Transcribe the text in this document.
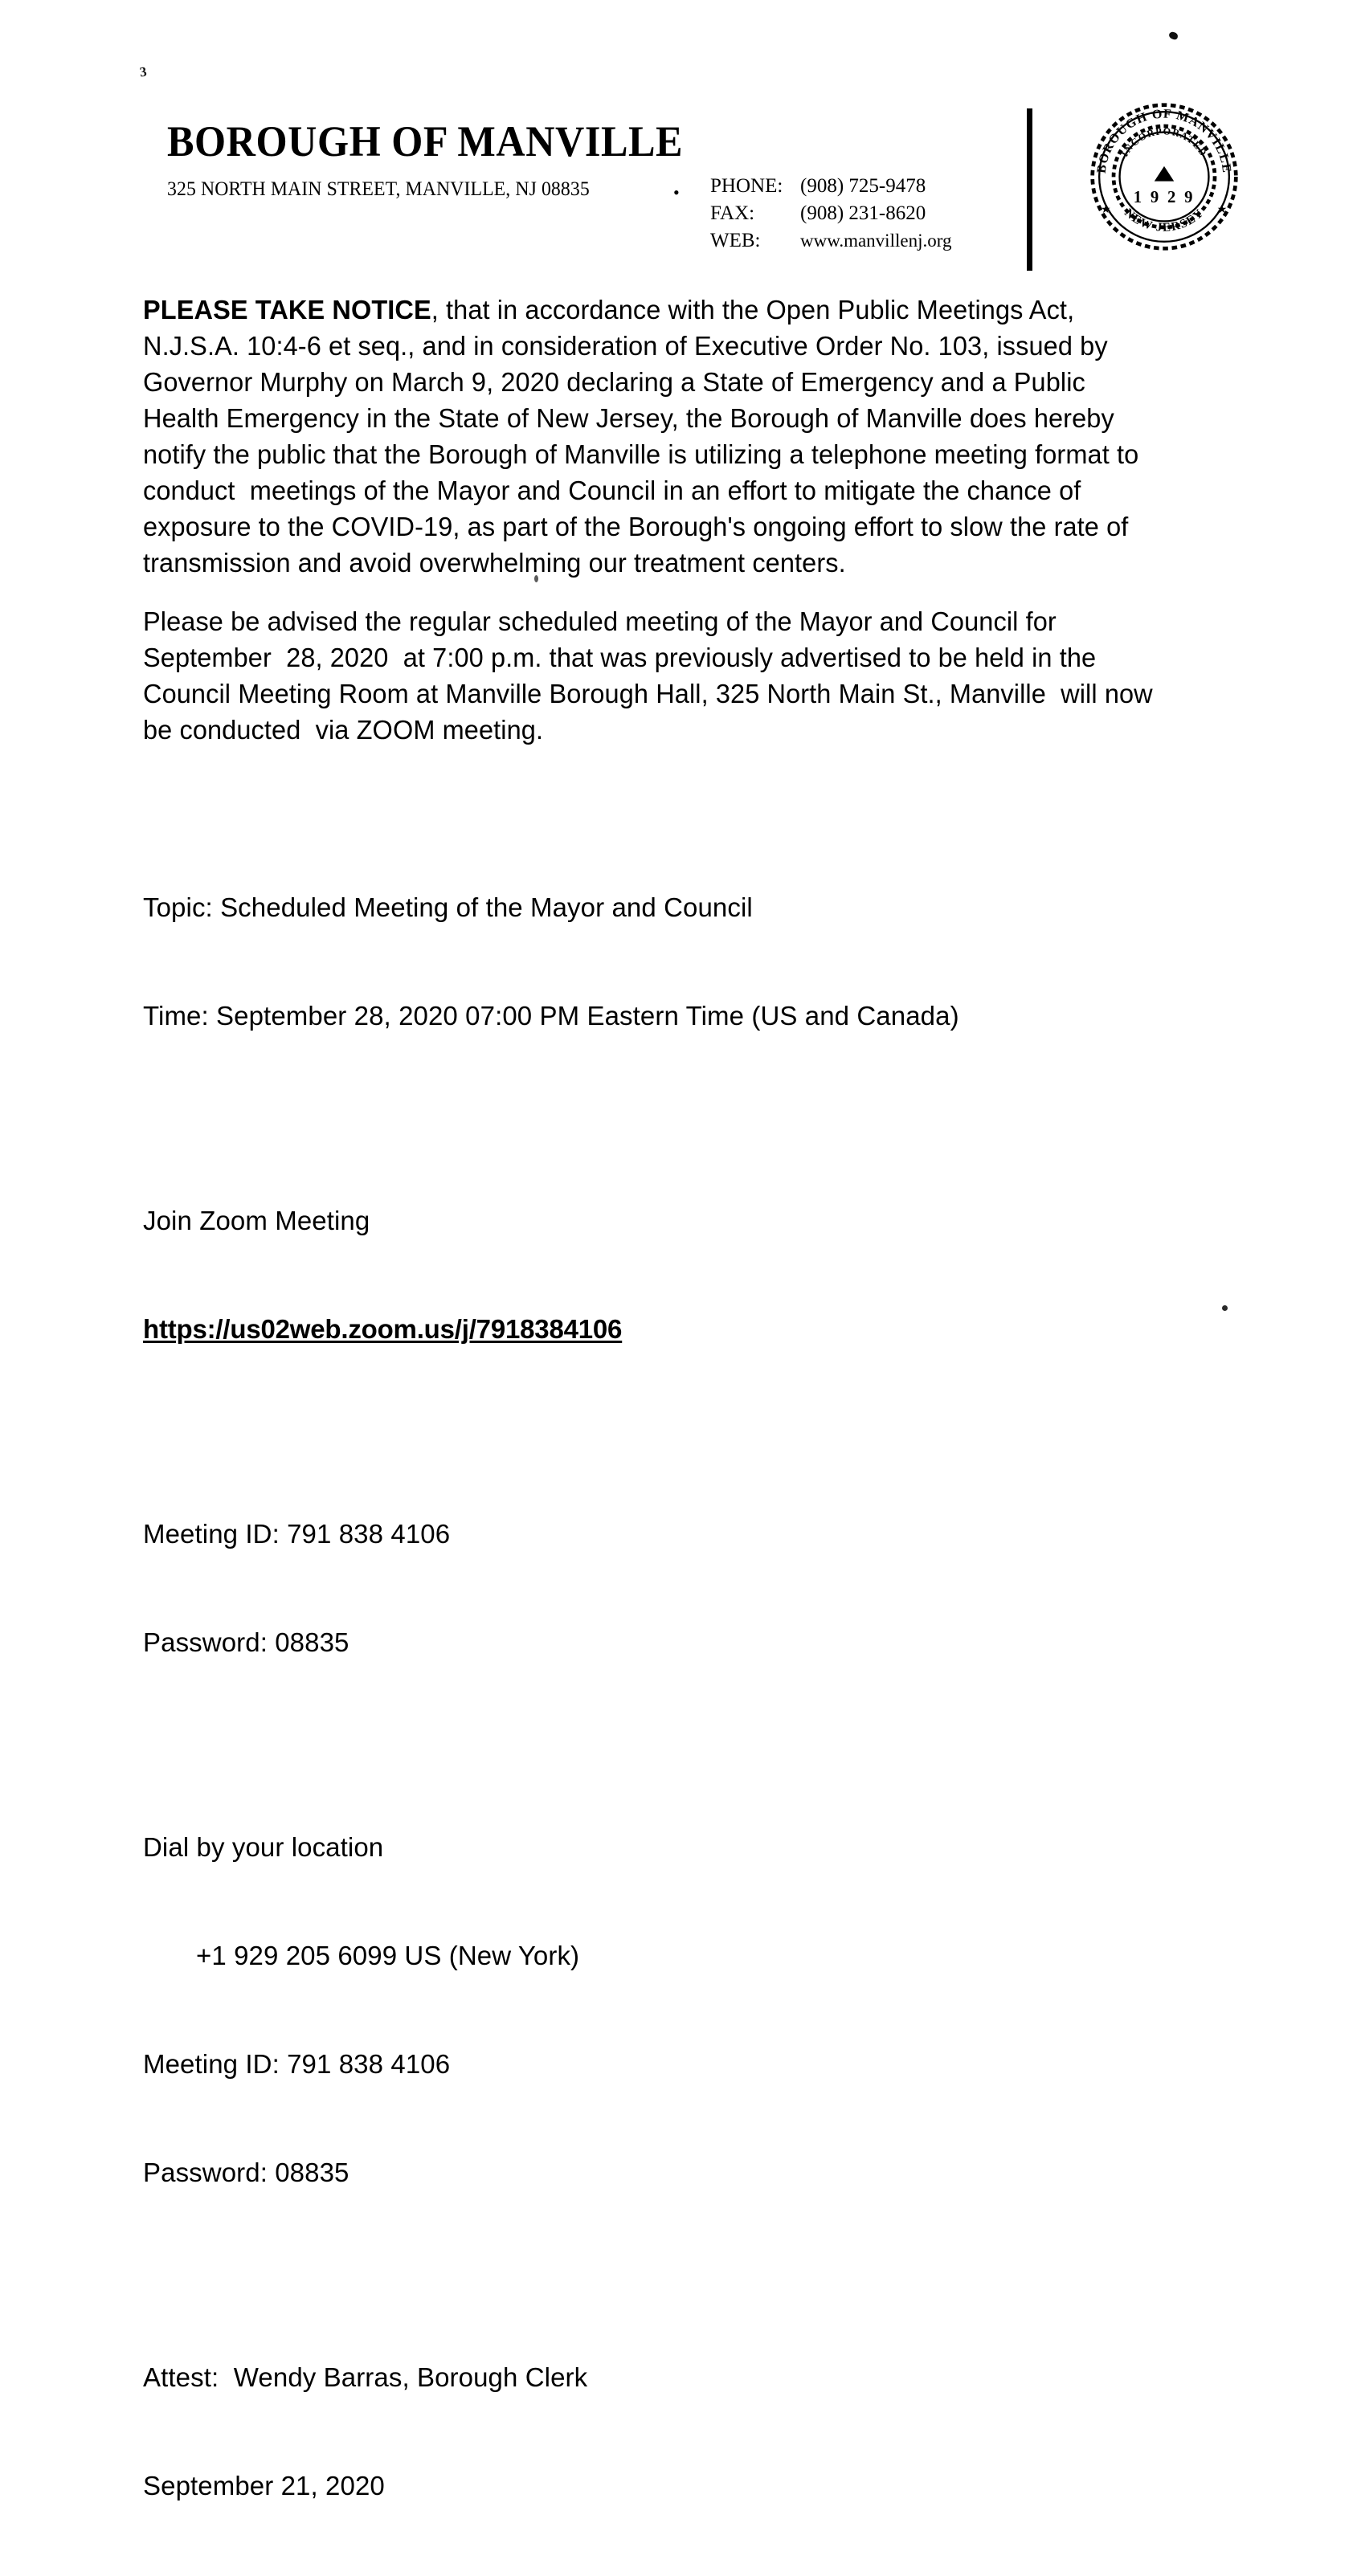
3
BOROUGH OF MANVILLE
325 NORTH MAIN STREET, MANVILLE, NJ 08835	• PHONE: (908) 725-9478
FAX: (908) 231-8620
WEB: www.manvillenj.org
BOROUGH OF MANVILLE
NEW JERSEY
★	★
INCORPORATED
1 9 2 9

PLEASE TAKE NOTICE, that in accordance with the Open Public Meetings Act, N.J.S.A. 10:4-6 et seq., and in consideration of Executive Order No. 103, issued by Governor Murphy on March 9, 2020 declaring a State of Emergency and a Public Health Emergency in the State of New Jersey, the Borough of Manville does hereby notify the public that the Borough of Manville is utilizing a telephone meeting format to conduct  meetings of the Mayor and Council in an effort to mitigate the chance of exposure to the COVID-19, as part of the Borough's ongoing effort to slow the rate of transmission and avoid overwhelming our treatment centers.

Please be advised the regular scheduled meeting of the Mayor and Council for September  28, 2020  at 7:00 p.m. that was previously advertised to be held in the Council Meeting Room at Manville Borough Hall, 325 North Main St., Manville  will now be conducted  via ZOOM meeting.

Topic: Scheduled Meeting of the Mayor and Council

Time: September 28, 2020 07:00 PM Eastern Time (US and Canada)

Join Zoom Meeting

https://us02web.zoom.us/j/7918384106

Meeting ID: 791 838 4106

Password: 08835

Dial by your location

+1 929 205 6099 US (New York)

Meeting ID: 791 838 4106

Password: 08835

Attest:  Wendy Barras, Borough Clerk

September 21, 2020
